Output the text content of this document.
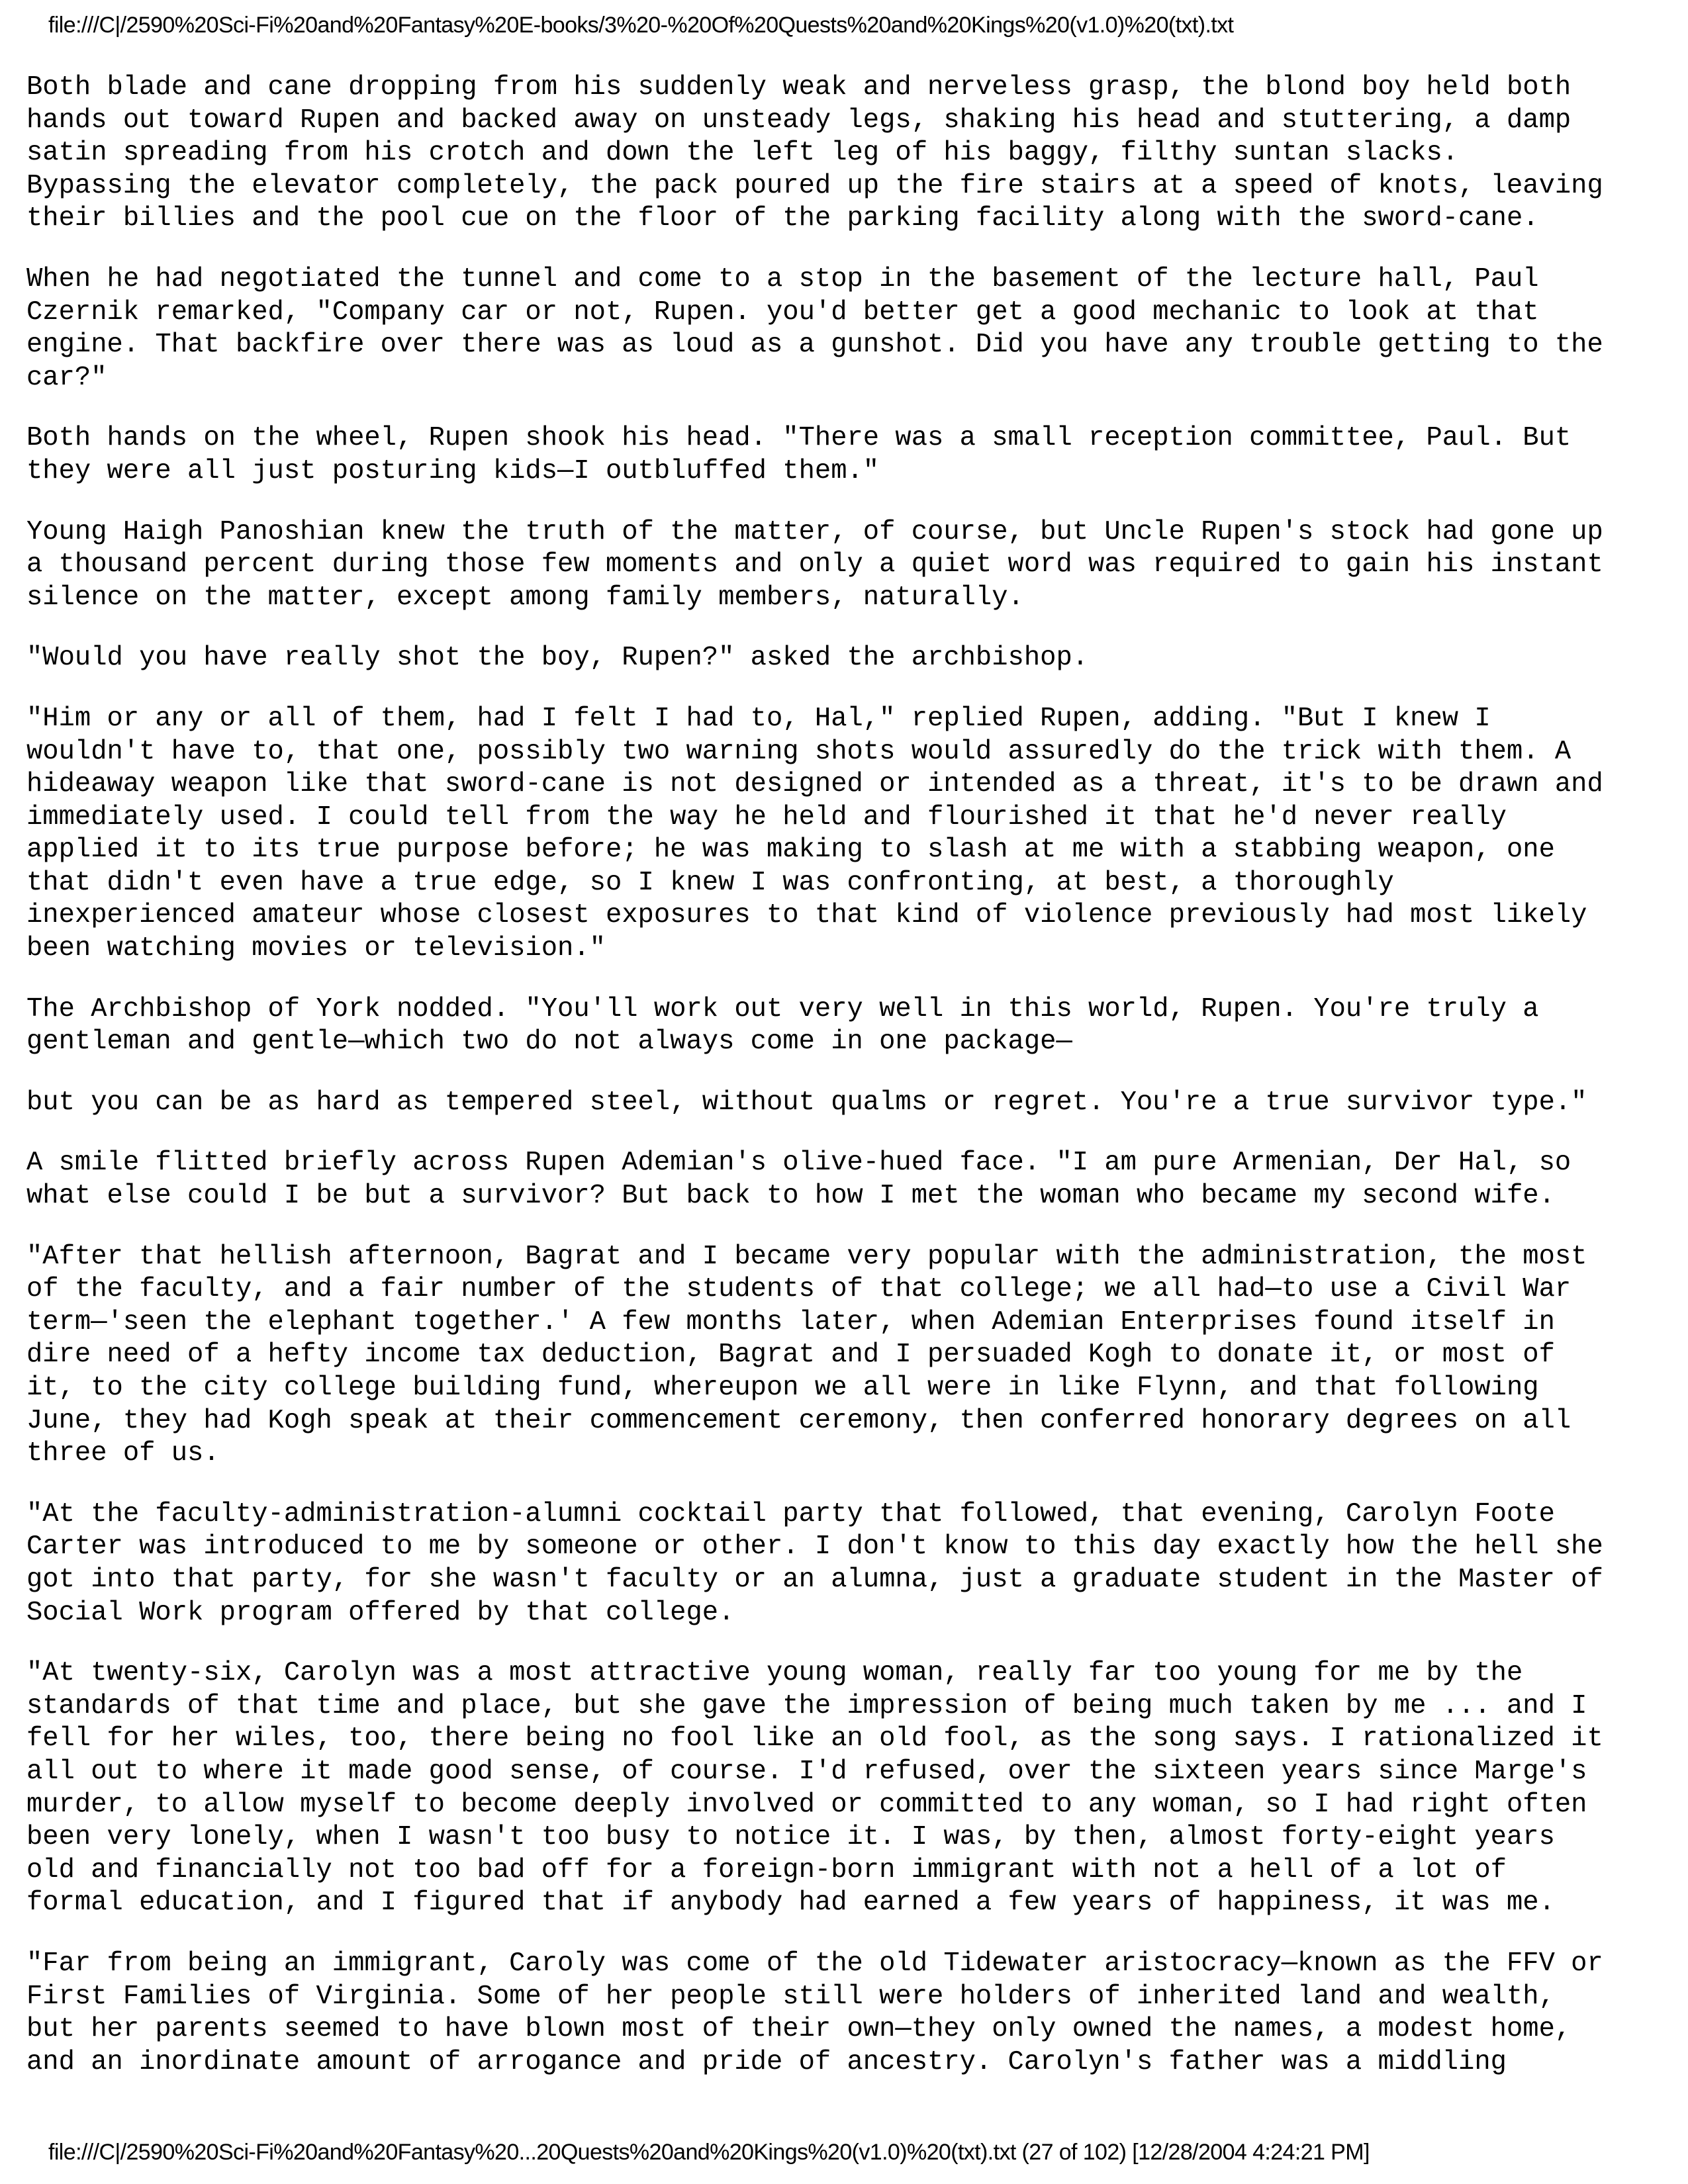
file:///C|/2590%20Sci-Fi%20and%20Fantasy%20E-books/3%20-%20Of%20Quests%20and%20Kings%20(v1.0)%20(txt).txt

Both blade and cane dropping from his suddenly weak and nerveless grasp, the blond boy held both
hands out toward Rupen and backed away on unsteady legs, shaking his head and stuttering, a damp
satin spreading from his crotch and down the left leg of his baggy, filthy suntan slacks.
Bypassing the elevator completely, the pack poured up the fire stairs at a speed of knots, leaving
their billies and the pool cue on the floor of the parking facility along with the sword-cane.

When he had negotiated the tunnel and come to a stop in the basement of the lecture hall, Paul
Czernik remarked, "Company car or not, Rupen. you'd better get a good mechanic to look at that
engine. That backfire over there was as loud as a gunshot. Did you have any trouble getting to the
car?"

Both hands on the wheel, Rupen shook his head. "There was a small reception committee, Paul. But
they were all just posturing kids—I outbluffed them."

Young Haigh Panoshian knew the truth of the matter, of course, but Uncle Rupen's stock had gone up
a thousand percent during those few moments and only a quiet word was required to gain his instant
silence on the matter, except among family members, naturally.

"Would you have really shot the boy, Rupen?" asked the archbishop.

"Him or any or all of them, had I felt I had to, Hal," replied Rupen, adding. "But I knew I
wouldn't have to, that one, possibly two warning shots would assuredly do the trick with them. A
hideaway weapon like that sword-cane is not designed or intended as a threat, it's to be drawn and
immediately used. I could tell from the way he held and flourished it that he'd never really
applied it to its true purpose before; he was making to slash at me with a stabbing weapon, one
that didn't even have a true edge, so I knew I was confronting, at best, a thoroughly
inexperienced amateur whose closest exposures to that kind of violence previously had most likely
been watching movies or television."

The Archbishop of York nodded. "You'll work out very well in this world, Rupen. You're truly a
gentleman and gentle—which two do not always come in one package—

but you can be as hard as tempered steel, without qualms or regret. You're a true survivor type."

A smile flitted briefly across Rupen Ademian's olive-hued face. "I am pure Armenian, Der Hal, so
what else could I be but a survivor? But back to how I met the woman who became my second wife.

"After that hellish afternoon, Bagrat and I became very popular with the administration, the most
of the faculty, and a fair number of the students of that college; we all had—to use a Civil War
term—'seen the elephant together.' A few months later, when Ademian Enterprises found itself in
dire need of a hefty income tax deduction, Bagrat and I persuaded Kogh to donate it, or most of
it, to the city college building fund, whereupon we all were in like Flynn, and that following
June, they had Kogh speak at their commencement ceremony, then conferred honorary degrees on all
three of us.

"At the faculty-administration-alumni cocktail party that followed, that evening, Carolyn Foote
Carter was introduced to me by someone or other. I don't know to this day exactly how the hell she
got into that party, for she wasn't faculty or an alumna, just a graduate student in the Master of
Social Work program offered by that college.

"At twenty-six, Carolyn was a most attractive young woman, really far too young for me by the
standards of that time and place, but she gave the impression of being much taken by me ... and I
fell for her wiles, too, there being no fool like an old fool, as the song says. I rationalized it
all out to where it made good sense, of course. I'd refused, over the sixteen years since Marge's
murder, to allow myself to become deeply involved or committed to any woman, so I had right often
been very lonely, when I wasn't too busy to notice it. I was, by then, almost forty-eight years
old and financially not too bad off for a foreign-born immigrant with not a hell of a lot of
formal education, and I figured that if anybody had earned a few years of happiness, it was me.

"Far from being an immigrant, Caroly was come of the old Tidewater aristocracy—known as the FFV or
First Families of Virginia. Some of her people still were holders of inherited land and wealth,
but her parents seemed to have blown most of their own—they only owned the names, a modest home,
and an inordinate amount of arrogance and pride of ancestry. Carolyn's father was a middling

file:///C|/2590%20Sci-Fi%20and%20Fantasy%20...20Quests%20and%20Kings%20(v1.0)%20(txt).txt (27 of 102) [12/28/2004 4:24:21 PM]
